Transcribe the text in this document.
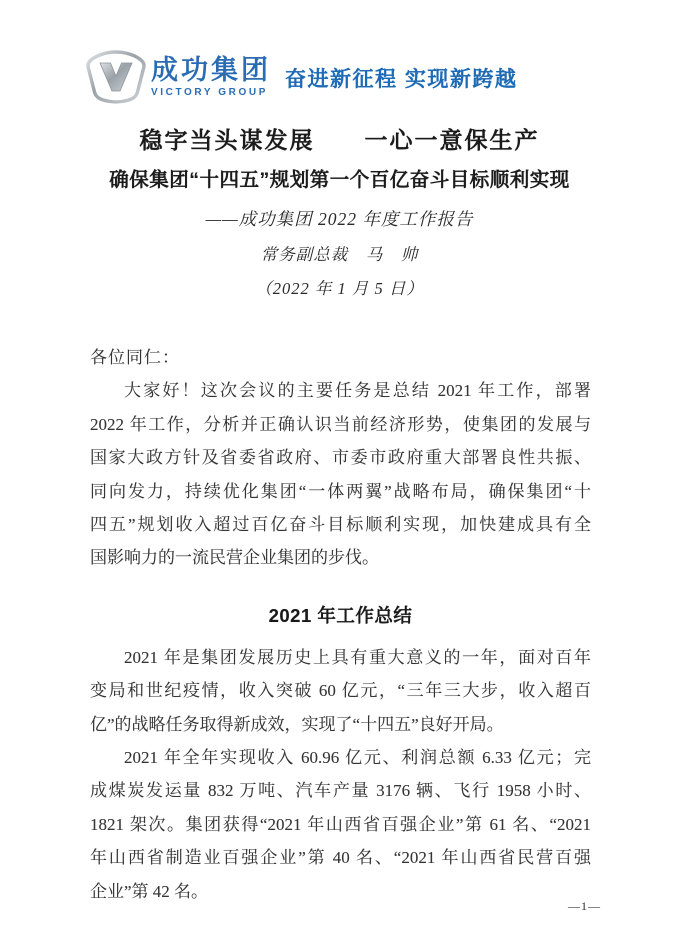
成功集团
VICTORY GROUP
奋进新征程 实现新跨越
稳字当头谋发展　　一心一意保生产
确保集团“十四五”规划第一个百亿奋斗目标顺利实现
——成功集团 2022 年度工作报告
常务副总裁　马　帅
（2022 年 1 月 5 日）
各位同仁：
大家好！这次会议的主要任务是总结 2021 年工作，部署
2022 年工作，分析并正确认识当前经济形势，使集团的发展与
国家大政方针及省委省政府、市委市政府重大部署良性共振、
同向发力，持续优化集团“一体两翼”战略布局，确保集团“十
四五”规划收入超过百亿奋斗目标顺利实现，加快建成具有全
国影响力的一流民营企业集团的步伐。
2021 年工作总结
2021 年是集团发展历史上具有重大意义的一年，面对百年
变局和世纪疫情，收入突破 60 亿元，“三年三大步，收入超百
亿”的战略任务取得新成效，实现了“十四五”良好开局。
2021 年全年实现收入 60.96 亿元、利润总额 6.33 亿元；完
成煤炭发运量 832 万吨、汽车产量 3176 辆、飞行 1958 小时、
1821 架次。集团获得“2021 年山西省百强企业”第 61 名、“2021
年山西省制造业百强企业”第 40 名、“2021 年山西省民营百强
企业”第 42 名。
—1—
